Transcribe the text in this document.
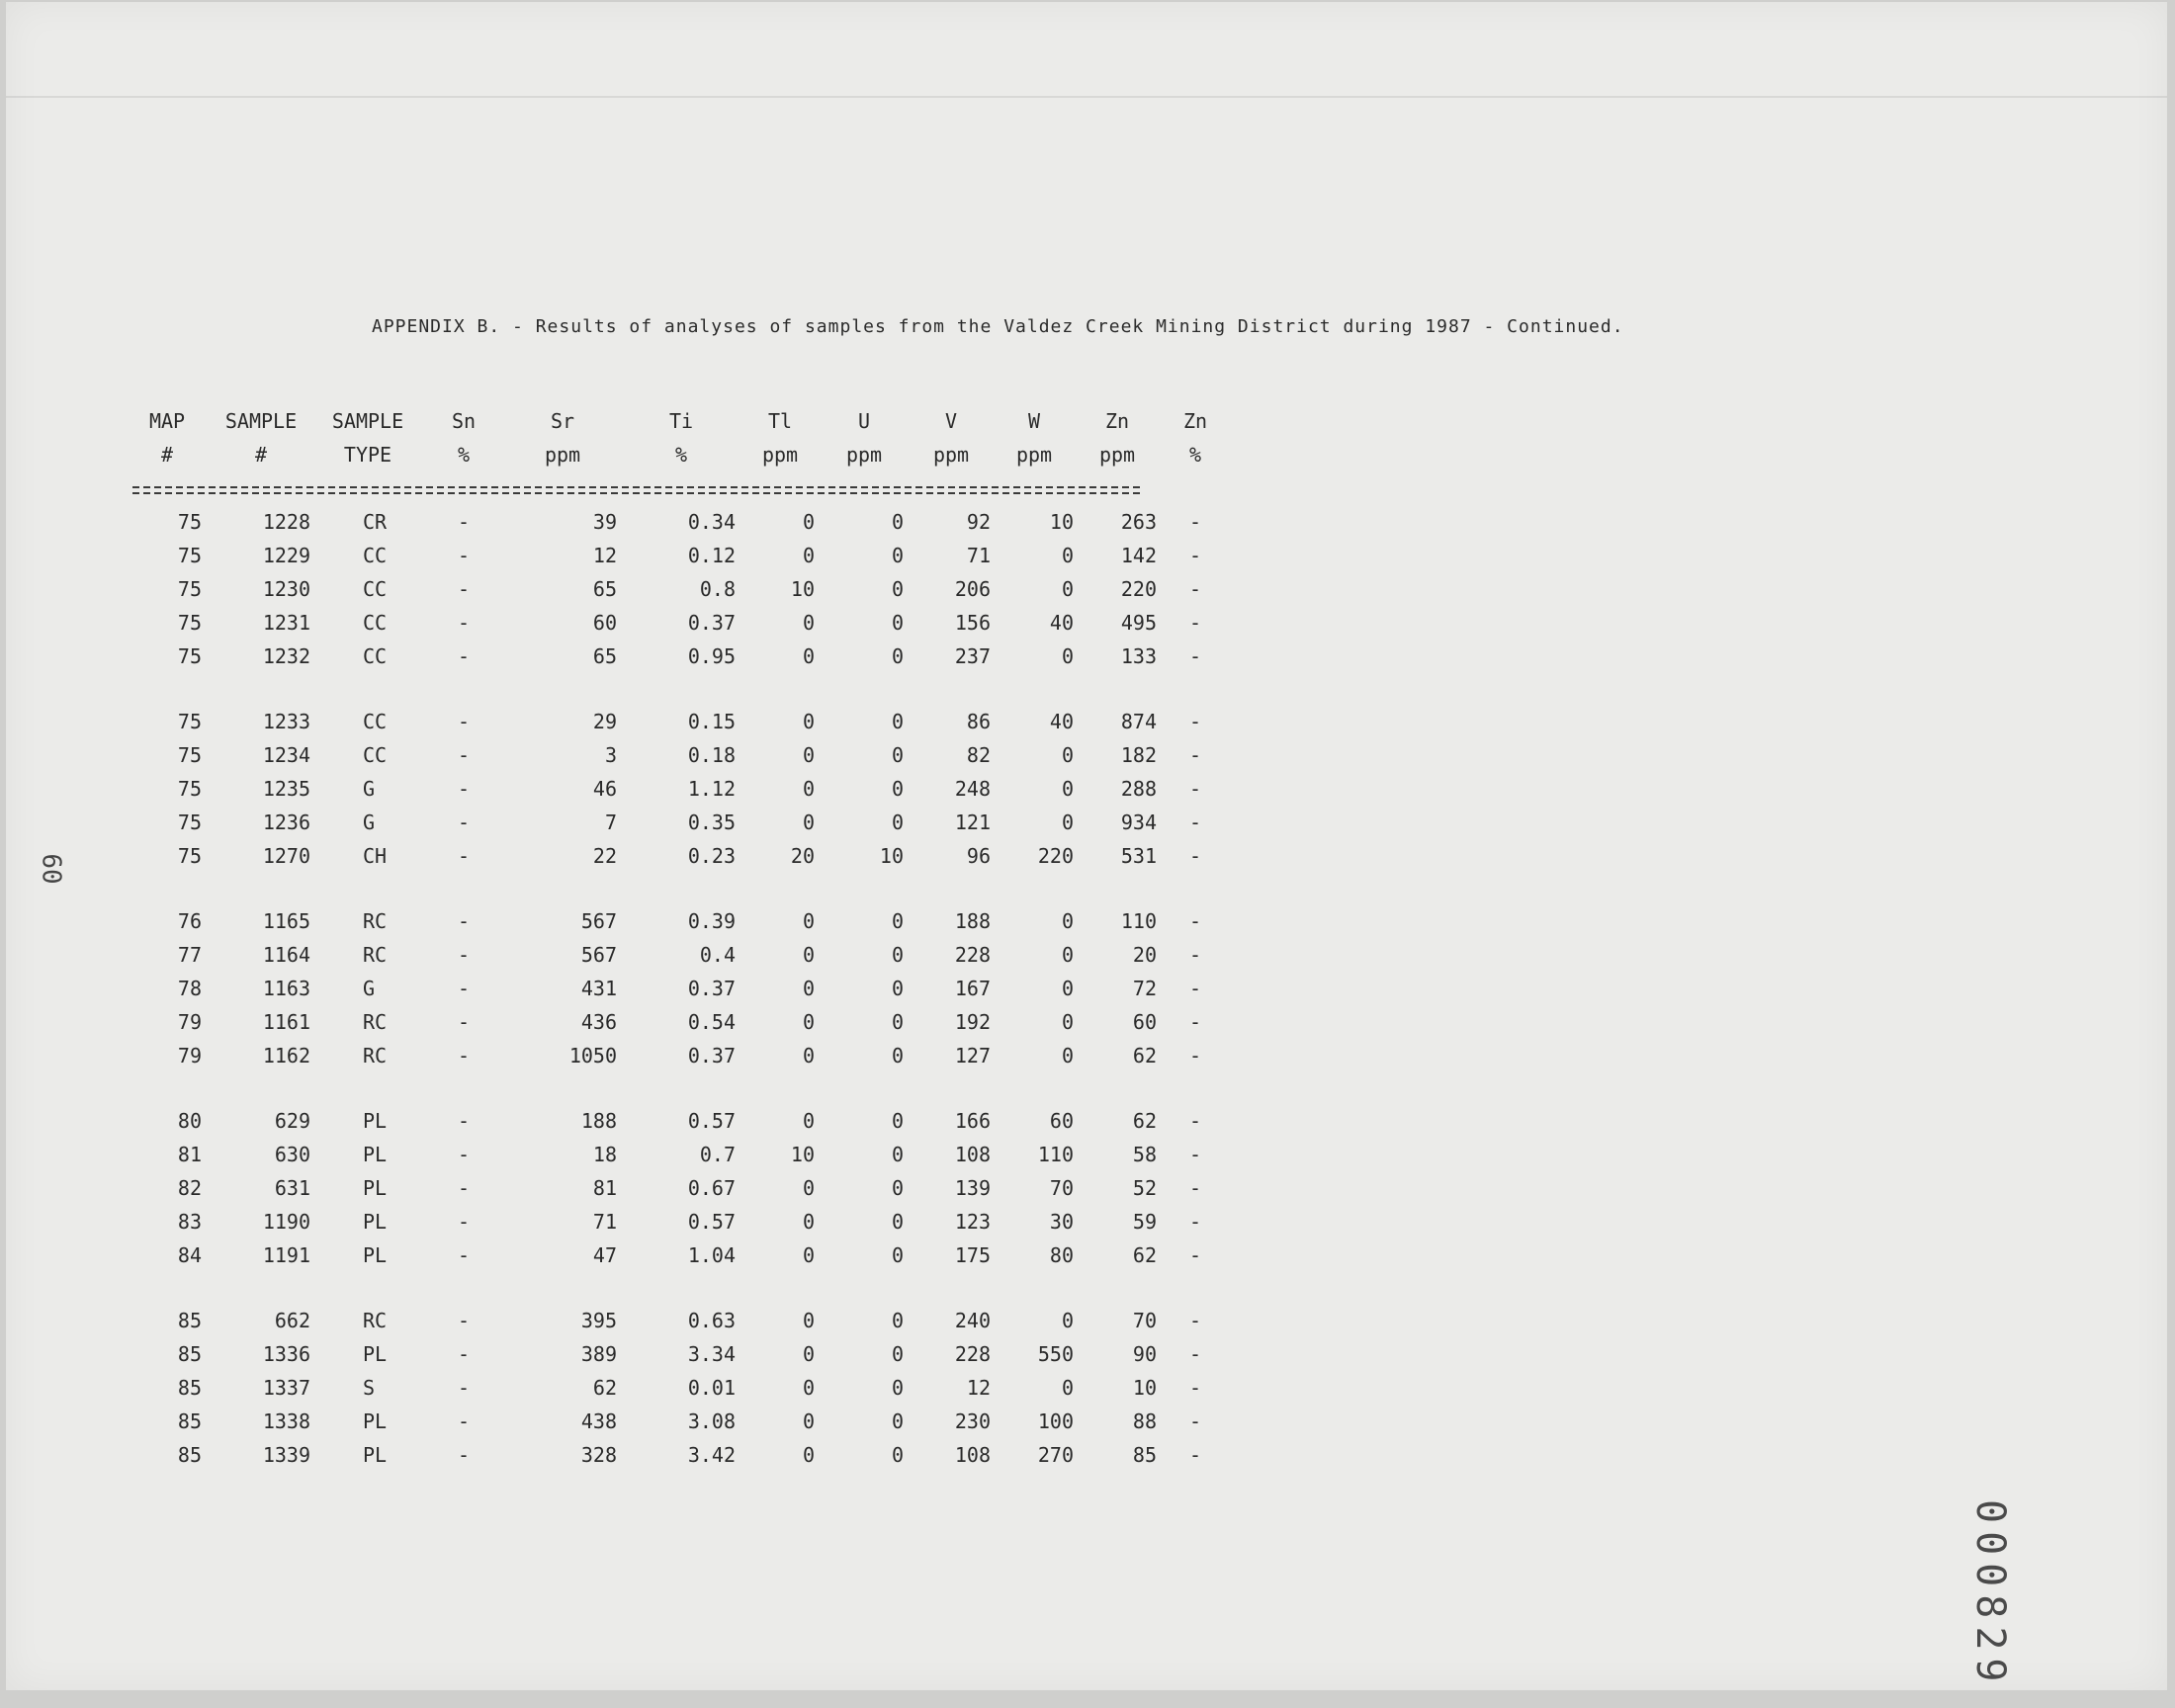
APPENDIX B. - Results of analyses of samples from the Valdez Creek Mining District during 1987 - Continued.
MAP	SAMPLE	SAMPLE	Sn	Sr	Ti	Tl	U	V	W	Zn	Zn
#	#	TYPE	%	ppm	%	ppm	ppm	ppm	ppm	ppm	%
75	1228	CR	-	39	0.34	0	0	92	10	263	-
75	1229	CC	-	12	0.12	0	0	71	0	142	-
75	1230	CC	-	65	0.8	10	0	206	0	220	-
75	1231	CC	-	60	0.37	0	0	156	40	495	-
75	1232	CC	-	65	0.95	0	0	237	0	133	-
75	1233	CC	-	29	0.15	0	0	86	40	874	-
75	1234	CC	-	3	0.18	0	0	82	0	182	-
75	1235	G	-	46	1.12	0	0	248	0	288	-
75	1236	G	-	7	0.35	0	0	121	0	934	-
75	1270	CH	-	22	0.23	20	10	96	220	531	-
76	1165	RC	-	567	0.39	0	0	188	0	110	-
77	1164	RC	-	567	0.4	0	0	228	0	20	-
78	1163	G	-	431	0.37	0	0	167	0	72	-
79	1161	RC	-	436	0.54	0	0	192	0	60	-
79	1162	RC	-	1050	0.37	0	0	127	0	62	-
80	629	PL	-	188	0.57	0	0	166	60	62	-
81	630	PL	-	18	0.7	10	0	108	110	58	-
82	631	PL	-	81	0.67	0	0	139	70	52	-
83	1190	PL	-	71	0.57	0	0	123	30	59	-
84	1191	PL	-	47	1.04	0	0	175	80	62	-
85	662	RC	-	395	0.63	0	0	240	0	70	-
85	1336	PL	-	389	3.34	0	0	228	550	90	-
85	1337	S	-	62	0.01	0	0	12	0	10	-
85	1338	PL	-	438	3.08	0	0	230	100	88	-
85	1339	PL	-	328	3.42	0	0	108	270	85	-
60
000829
